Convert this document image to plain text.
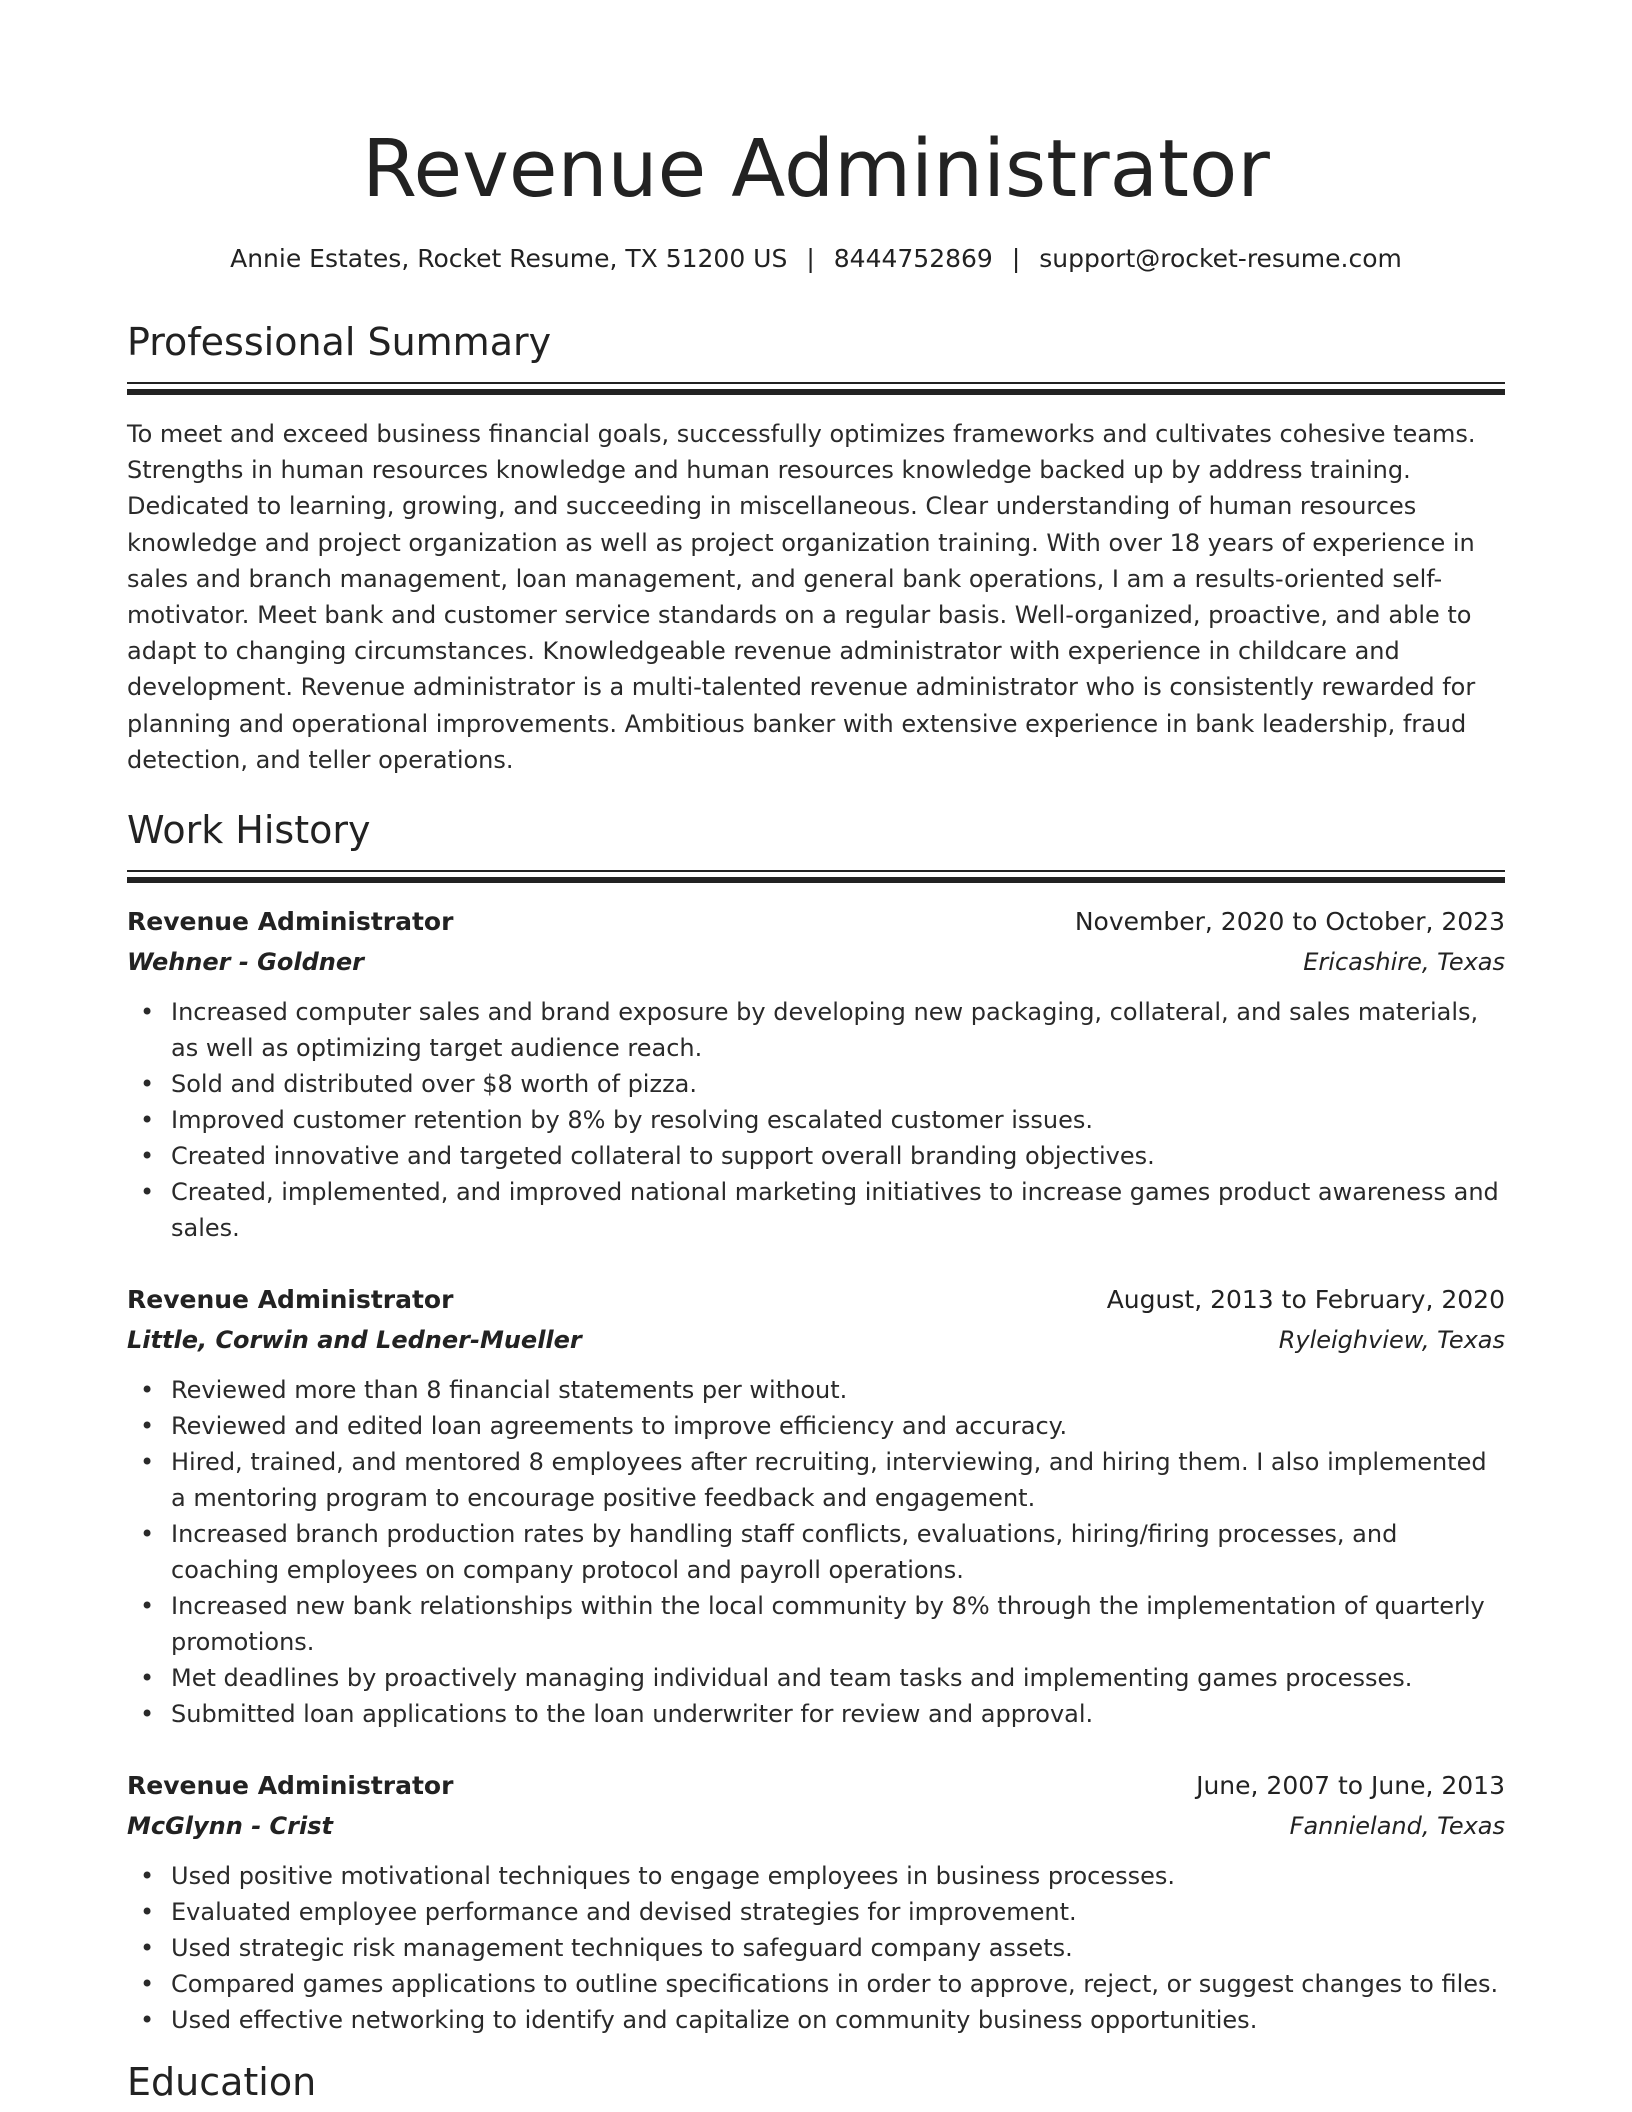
Revenue Administrator
Annie Estates, Rocket Resume, TX 51200 US | 8444752869 | support@rocket-resume.com
Professional Summary

To meet and exceed business financial goals, successfully optimizes frameworks and cultivates cohesive teams. Strengths in human resources knowledge and human resources knowledge backed up by address training. Dedicated to learning, growing, and succeeding in miscellaneous. Clear understanding of human resources knowledge and project organization as well as project organization training. With over 18 years of experience in sales and branch management, loan management, and general bank operations, I am a results-oriented self-motivator. Meet bank and customer service standards on a regular basis. Well-organized, proactive, and able to adapt to changing circumstances. Knowledgeable revenue administrator with experience in childcare and development. Revenue administrator is a multi-talented revenue administrator who is consistently rewarded for planning and operational improvements. Ambitious banker with extensive experience in bank leadership, fraud detection, and teller operations.

Work History
Revenue Administrator	November, 2020 to October, 2023
Wehner - Goldner	Ericashire, Texas
• Increased computer sales and brand exposure by developing new packaging, collateral, and sales materials, as well as optimizing target audience reach.
• Sold and distributed over $8 worth of pizza.
• Improved customer retention by 8% by resolving escalated customer issues.
• Created innovative and targeted collateral to support overall branding objectives.
• Created, implemented, and improved national marketing initiatives to increase games product awareness and sales.
Revenue Administrator	August, 2013 to February, 2020
Little, Corwin and Ledner-Mueller	Ryleighview, Texas
• Reviewed more than 8 financial statements per without.
• Reviewed and edited loan agreements to improve efficiency and accuracy.
• Hired, trained, and mentored 8 employees after recruiting, interviewing, and hiring them. I also implemented a mentoring program to encourage positive feedback and engagement.
• Increased branch production rates by handling staff conflicts, evaluations, hiring/firing processes, and coaching employees on company protocol and payroll operations.
• Increased new bank relationships within the local community by 8% through the implementation of quarterly promotions.
• Met deadlines by proactively managing individual and team tasks and implementing games processes.
• Submitted loan applications to the loan underwriter for review and approval.
Revenue Administrator	June, 2007 to June, 2013
McGlynn - Crist	Fannieland, Texas
• Used positive motivational techniques to engage employees in business processes.
• Evaluated employee performance and devised strategies for improvement.
• Used strategic risk management techniques to safeguard company assets.
• Compared games applications to outline specifications in order to approve, reject, or suggest changes to files.
• Used effective networking to identify and capitalize on community business opportunities.
Education
